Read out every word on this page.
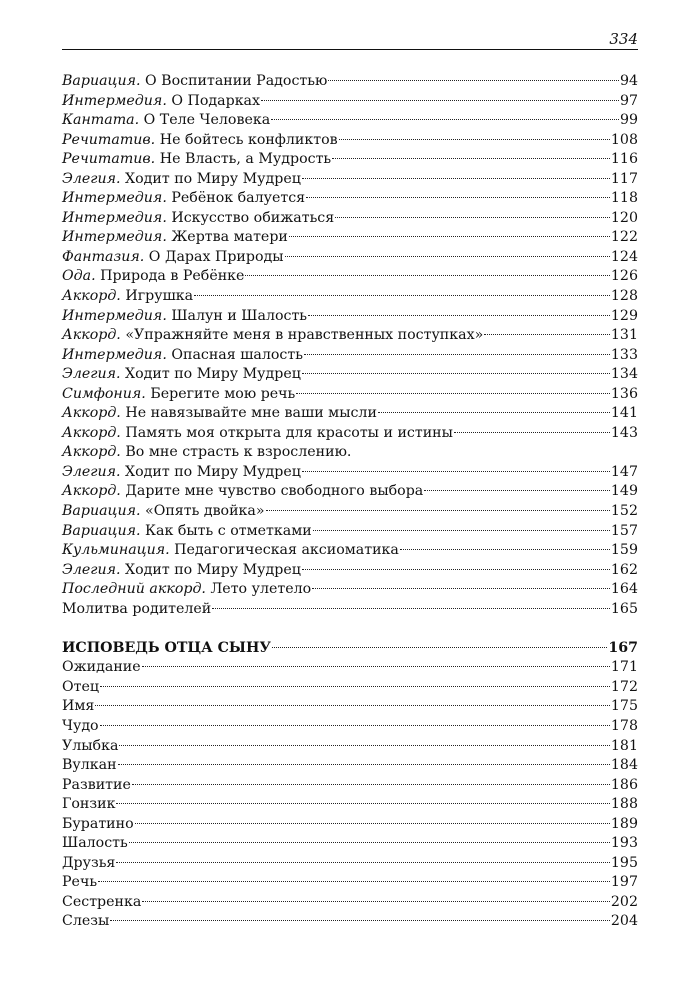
334
Вариация. О Воспитании Радостью	94
Интермедия. О Подарках	97
Кантата. О Теле Человека	99
Речитатив. Не бойтесь конфликтов	108
Речитатив. Не Власть, а Мудрость	116
Элегия. Ходит по Миру Мудрец	117
Интермедия. Ребёнок балуется	118
Интермедия. Искусство обижаться	120
Интермедия. Жертва матери	122
Фантазия. О Дарах Природы	124
Ода. Природа в Ребёнке	126
Аккорд. Игрушка	128
Интермедия. Шалун и Шалость	129
Аккорд. «Упражняйте меня в нравственных поступках»	131
Интермедия. Опасная шалость	133
Элегия. Ходит по Миру Мудрец	134
Симфония. Берегите мою речь	136
Аккорд. Не навязывайте мне ваши мысли	141
Аккорд. Память моя открыта для красоты и истины	143
Аккорд. Во мне страсть к взрослению.
Элегия. Ходит по Миру Мудрец	147
Аккорд. Дарите мне чувство свободного выбора	149
Вариация. «Опять двойка»	152
Вариация. Как быть с отметками	157
Кульминация. Педагогическая аксиоматика	159
Элегия. Ходит по Миру Мудрец	162
Последний аккорд. Лето улетело	164
Молитва родителей	165
ИСПОВЕДЬ ОТЦА СЫНУ	167
Ожидание	171
Отец	172
Имя	175
Чудо	178
Улыбка	181
Вулкан	184
Развитие	186
Гонзик	188
Буратино	189
Шалость	193
Друзья	195
Речь	197
Сестренка	202
Слезы	204
